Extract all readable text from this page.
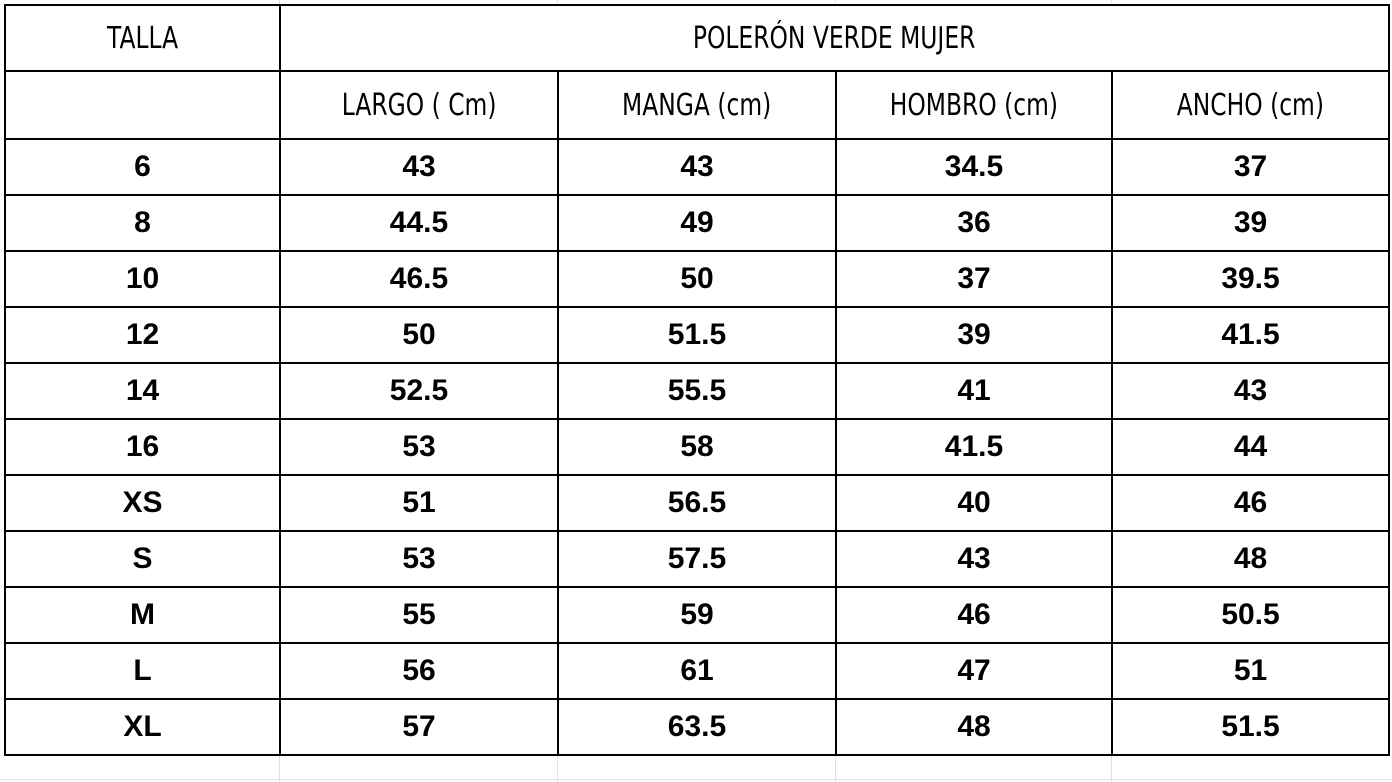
TALLA	POLERÓN VERDE MUJER			
	LARGO ( Cm)	MANGA (cm)	HOMBRO (cm)	ANCHO (cm)
6	43	43	34.5	37
8	44.5	49	36	39
10	46.5	50	37	39.5
12	50	51.5	39	41.5
14	52.5	55.5	41	43
16	53	58	41.5	44
XS	51	56.5	40	46
S	53	57.5	43	48
M	55	59	46	50.5
L	56	61	47	51
XL	57	63.5	48	51.5
